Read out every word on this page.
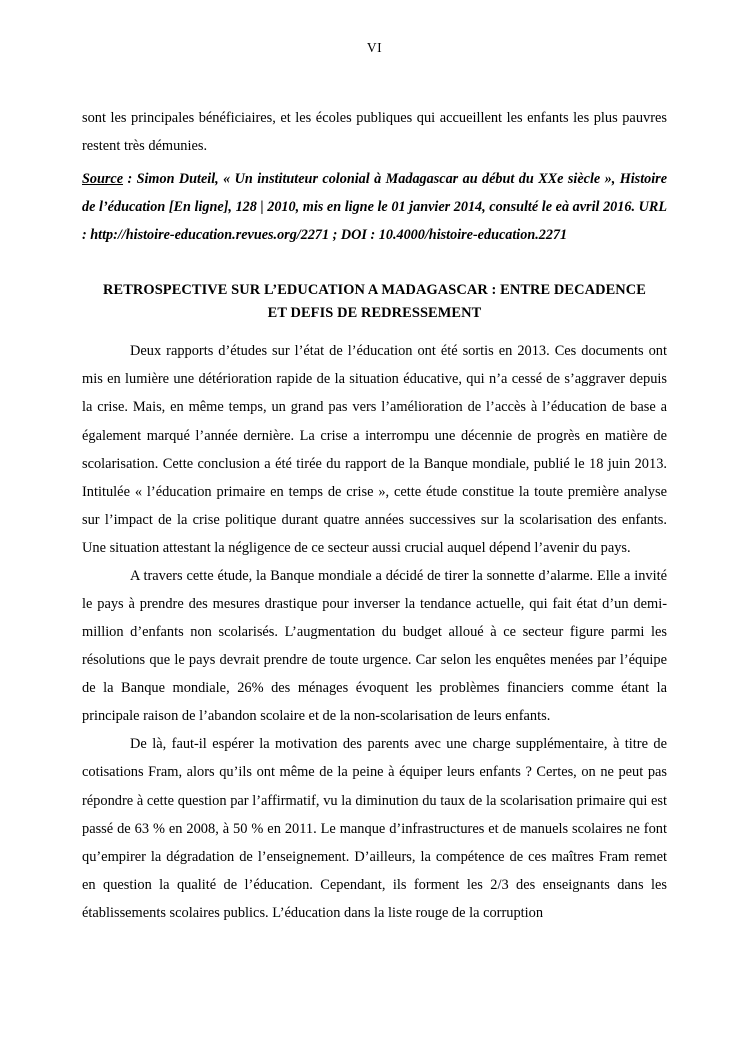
VI

sont les principales bénéficiaires, et les écoles publiques qui accueillent les enfants les plus pauvres restent très démunies.

Source : Simon Duteil, « Un instituteur colonial à Madagascar au début du XXe siècle », Histoire de l’éducation [En ligne], 128 | 2010, mis en ligne le 01 janvier 2014, consulté le eà avril 2016. URL : http://histoire-education.revues.org/2271 ; DOI : 10.4000/histoire-education.2271

RETROSPECTIVE SUR L’EDUCATION A MADAGASCAR : ENTRE DECADENCE
ET DEFIS DE REDRESSEMENT

Deux rapports d’études sur l’état de l’éducation ont été sortis en 2013. Ces documents ont mis en lumière une détérioration rapide de la situation éducative, qui n’a cessé de s’aggraver depuis la crise. Mais, en même temps, un grand pas vers l’amélioration de l’accès à l’éducation de base a également marqué l’année dernière. La crise a interrompu une décennie de progrès en matière de scolarisation. Cette conclusion a été tirée du rapport de la Banque mondiale, publié le 18 juin 2013. Intitulée « l’éducation primaire en temps de crise », cette étude constitue la toute première analyse sur l’impact de la crise politique durant quatre années successives sur la scolarisation des enfants. Une situation attestant la négligence de ce secteur aussi crucial auquel dépend l’avenir du pays.

A travers cette étude, la Banque mondiale a décidé de tirer la sonnette d’alarme. Elle a invité le pays à prendre des mesures drastique pour inverser la tendance actuelle, qui fait état d’un demi-million d’enfants non scolarisés. L’augmentation du budget alloué à ce secteur figure parmi les résolutions que le pays devrait prendre de toute urgence. Car selon les enquêtes menées par l’équipe de la Banque mondiale, 26% des ménages évoquent les problèmes financiers comme étant la principale raison de l’abandon scolaire et de la non-scolarisation de leurs enfants.

De là, faut-il espérer la motivation des parents avec une charge supplémentaire, à titre de cotisations Fram, alors qu’ils ont même de la peine à équiper leurs enfants ? Certes, on ne peut pas répondre à cette question par l’affirmatif, vu la diminution du taux de la scolarisation primaire qui est passé de 63 % en 2008, à 50 % en 2011. Le manque d’infrastructures et de manuels scolaires ne font qu’empirer la dégradation de l’enseignement. D’ailleurs, la compétence de ces maîtres Fram remet en question la qualité de l’éducation. Cependant, ils forment les 2/3 des enseignants dans les établissements scolaires publics. L’éducation dans la liste rouge de la corruption
